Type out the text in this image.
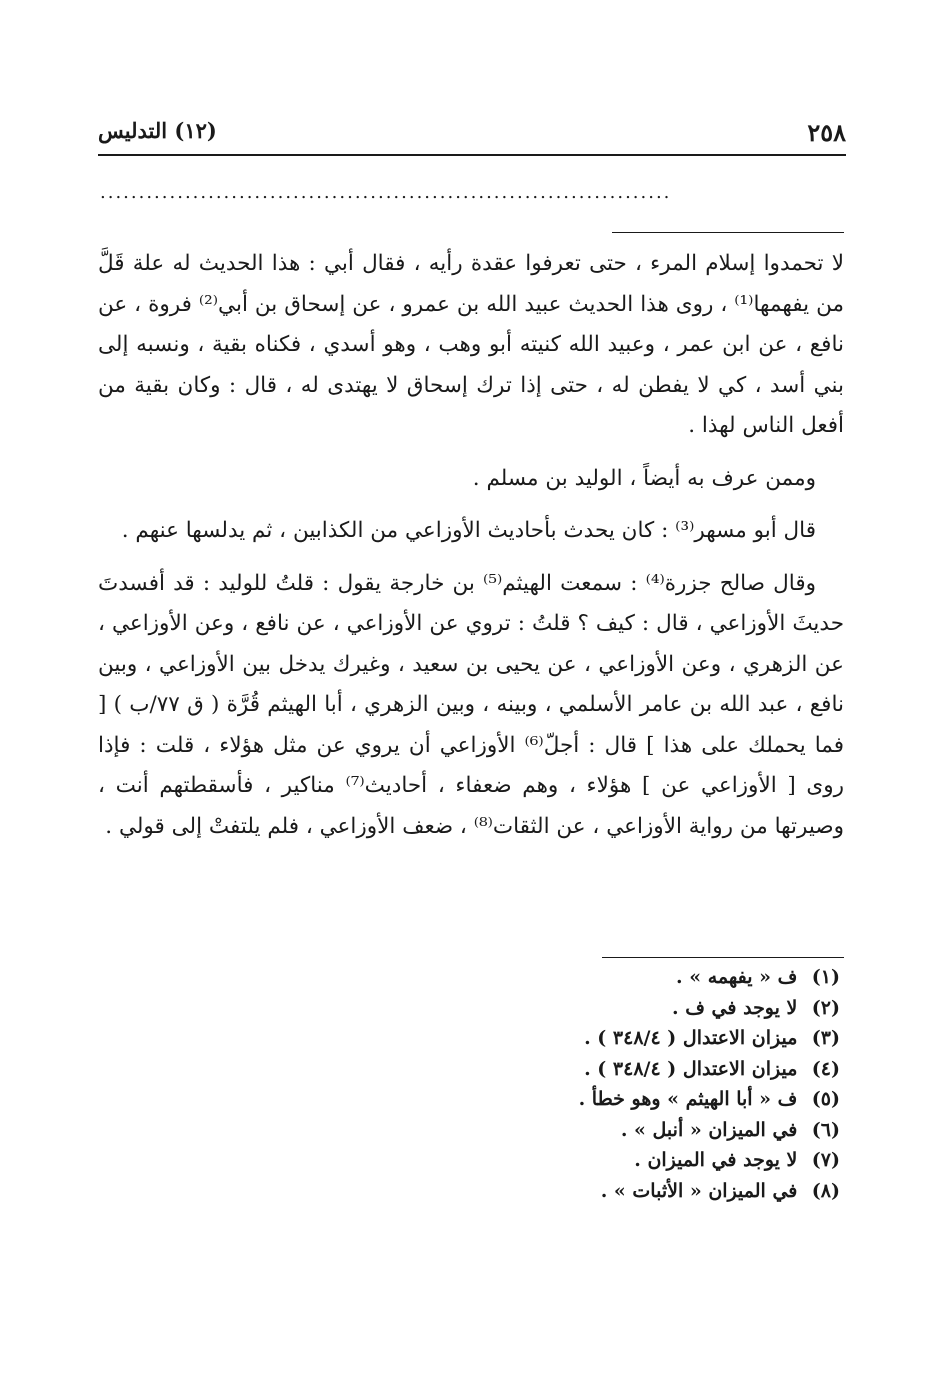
٢٥٨
(١٢) التدليس
..........................................................................

لا تحمدوا إسلام المرء ، حتى تعرفوا عقدة رأيه ، فقال أبي : هذا الحديث له علة قَلَّ من يفهمها⁽¹⁾ ، روى هذا الحديث عبيد الله بن عمرو ، عن إسحاق بن أبي⁽²⁾ فروة ، عن نافع ، عن ابن عمر ، وعبيد الله كنيته أبو وهب ، وهو أسدي ، فكناه بقية ، ونسبه إلى بني أسد ، كي لا يفطن له ، حتى إذا ترك إسحاق لا يهتدى له ، قال : وكان بقية من أفعل الناس لهذا .

وممن عرف به أيضاً ، الوليد بن مسلم .

قال أبو مسهر⁽³⁾ : كان يحدث بأحاديث الأوزاعي من الكذابين ، ثم يدلسها عنهم .

وقال صالح جزرة⁽⁴⁾ : سمعت الهيثم⁽⁵⁾ بن خارجة يقول : قلتُ للوليد : قد أفسدتَ حديثَ الأوزاعي ، قال : كيف ؟ قلتُ : تروي عن الأوزاعي ، عن نافع ، وعن الأوزاعي ، عن الزهري ، وعن الأوزاعي ، عن يحيى بن سعيد ، وغيرك يدخل بين الأوزاعي ، وبين نافع ، عبد الله بن عامر الأسلمي ، وبينه ، وبين الزهري ، أبا الهيثم قُرَّة ( ق ٧٧/ب ) [ فما يحملك على هذا ] قال : أجلّ⁽⁶⁾ الأوزاعي أن يروي عن مثل هؤلاء ، قلت : فإذا روى [ الأوزاعي عن ] هؤلاء ، وهم ضعفاء ، أحاديث⁽⁷⁾ مناكير ، فأسقطتهم أنت ، وصيرتها من رواية الأوزاعي ، عن الثقات⁽⁸⁾ ، ضعف الأوزاعي ، فلم يلتفتْ إلى قولي .

(١) ف « يفهمه » .
(٢) لا يوجد في ف .
(٣) ميزان الاعتدال ( ٣٤٨/٤ ) .
(٤) ميزان الاعتدال ( ٣٤٨/٤ ) .
(٥) ف « أبا الهيثم » وهو خطأ .
(٦) في الميزان « أنبل » .
(٧) لا يوجد في الميزان .
(٨) في الميزان « الأثبات » .
